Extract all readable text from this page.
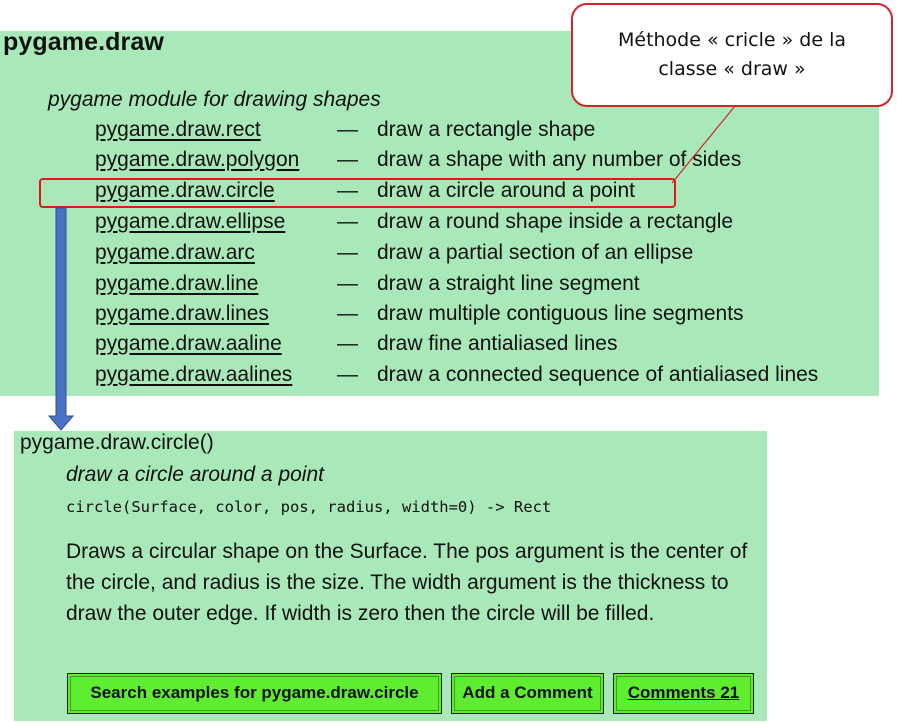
pygame.draw
pygame module for drawing shapes
pygame.draw.rect	— draw a rectangle shape
pygame.draw.polygon — draw a shape with any number of sides
pygame.draw.circle	— draw a circle around a point
pygame.draw.ellipse — draw a round shape inside a rectangle
pygame.draw.arc	— draw a partial section of an ellipse
pygame.draw.line	— draw a straight line segment
pygame.draw.lines	— draw multiple contiguous line segments
pygame.draw.aaline	— draw fine antialiased lines
pygame.draw.aalines — draw a connected sequence of antialiased lines
pygame.draw.circle()
draw a circle around a point
circle(Surface, color, pos, radius, width=0) -> Rect

Draws a circular shape on the Surface. The pos argument is the center of the circle, and radius is the size. The width argument is the thickness to draw the outer edge. If width is zero then the circle will be filled.

Search examples for pygame.draw.circle	Add a Comment	Comments 21
Méthode « cricle » de la classe « draw »
